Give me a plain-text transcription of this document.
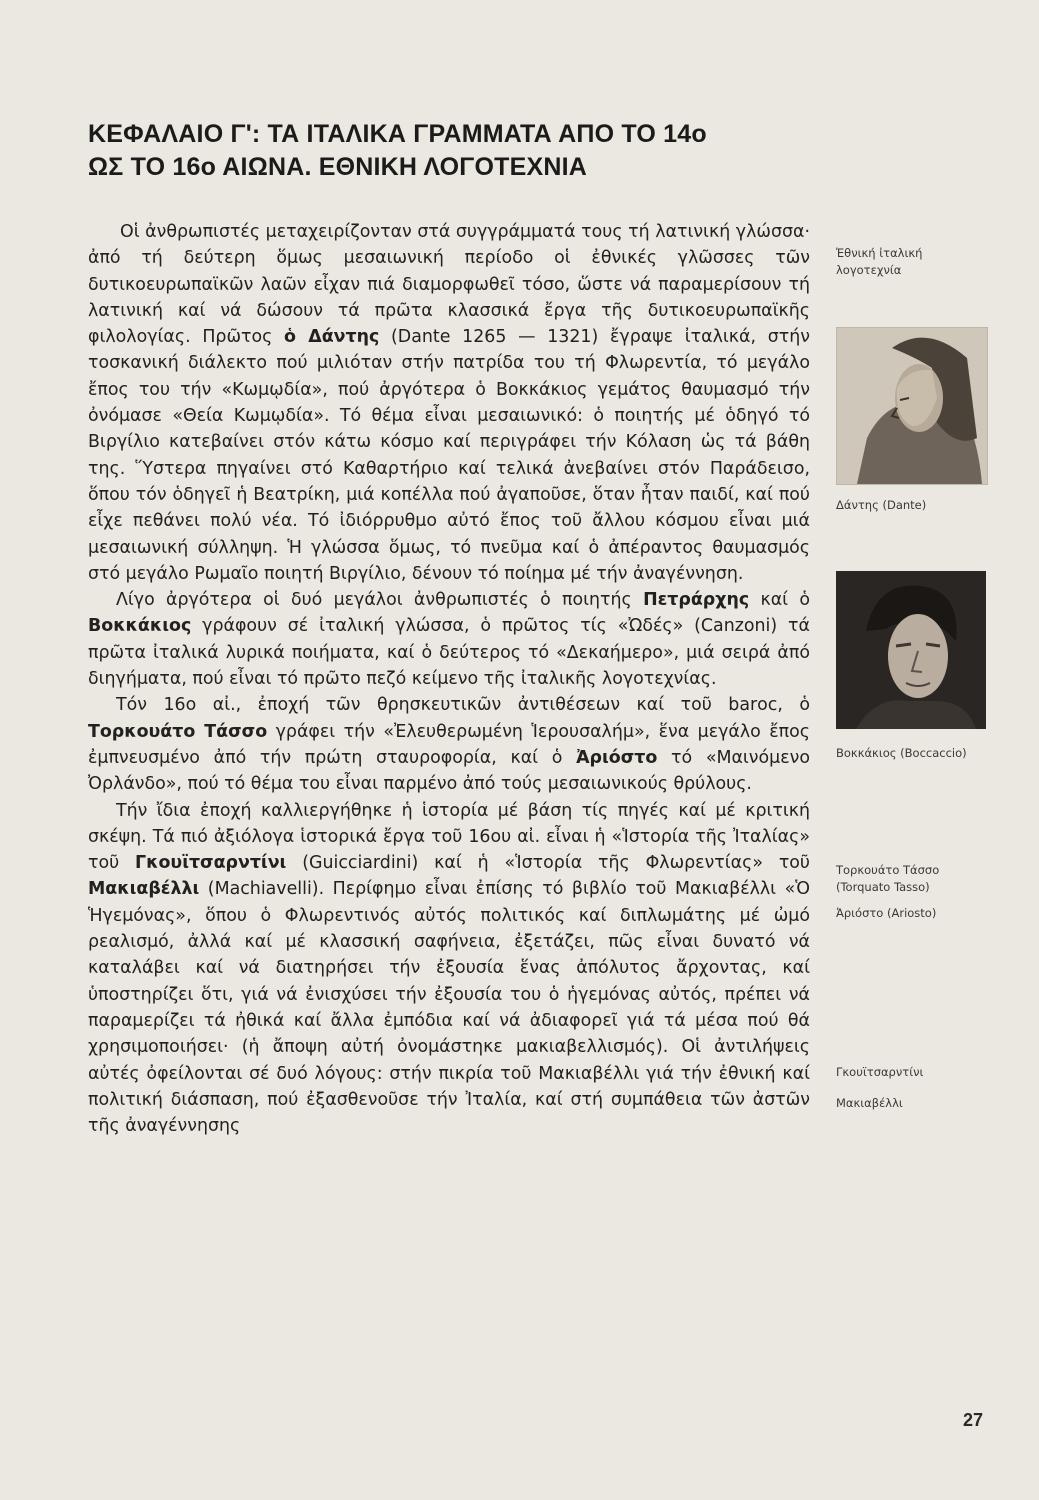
ΚΕΦΑΛΑΙΟ Γ': ΤΑ ΙΤΑΛΙΚΑ ΓΡΑΜΜΑΤΑ ΑΠΟ ΤΟ 14ο
ΩΣ ΤΟ 16ο ΑΙΩΝΑ. ΕΘΝΙΚΗ ΛΟΓΟΤΕΧΝΙΑ

Οἱ ἀνθρωπιστές μεταχειρίζονταν στά συγγράμματά τους τή λατινική γλώσσα· ἀπό τή δεύτερη ὅμως μεσαιωνική περίοδο οἱ ἐθνικές γλῶσσες τῶν δυτικοευρωπαϊκῶν λαῶν εἶχαν πιά διαμορφωθεῖ τόσο, ὥστε νά παραμερίσουν τή λατινική καί νά δώσουν τά πρῶτα κλασσικά ἔργα τῆς δυτικοευρωπαϊκῆς φιλολογίας. Πρῶτος ὁ Δάντης (Dante 1265 — 1321) ἔγραψε ἰταλικά, στήν τοσκανική διάλεκτο πού μιλιόταν στήν πατρίδα του τή Φλωρεντία, τό μεγάλο ἔπος του τήν «Κωμῳδία», πού ἀργότερα ὁ Βοκκάκιος γεμάτος θαυμασμό τήν ὀνόμασε «Θεία Κωμῳδία». Τό θέμα εἶναι μεσαιωνικό: ὁ ποιητής μέ ὁδηγό τό Βιργίλιο κατεβαίνει στόν κάτω κόσμο καί περιγράφει τήν Κόλαση ὡς τά βάθη της. Ὕστερα πηγαίνει στό Καθαρτήριο καί τελικά ἀνεβαίνει στόν Παράδεισο, ὅπου τόν ὁδηγεῖ ἡ Βεατρίκη, μιά κοπέλλα πού ἀγαποῦσε, ὅταν ἦταν παιδί, καί πού εἶχε πεθάνει πολύ νέα. Τό ἰδιόρρυθμο αὐτό ἔπος τοῦ ἄλλου κόσμου εἶναι μιά μεσαιωνική σύλληψη. Ἡ γλώσσα ὅμως, τό πνεῦμα καί ὁ ἀπέραντος θαυμασμός στό μεγάλο Ρωμαῖο ποιητή Βιργίλιο, δένουν τό ποίημα μέ τήν ἀναγέννηση.

Λίγο ἀργότερα οἱ δυό μεγάλοι ἀνθρωπιστές ὁ ποιητής Πετράρχης καί ὁ Βοκκάκιος γράφουν σέ ἰταλική γλώσσα, ὁ πρῶτος τίς «Ὠδές» (Canzoni) τά πρῶτα ἰταλικά λυρικά ποιήματα, καί ὁ δεύτερος τό «Δεκαήμερο», μιά σειρά ἀπό διηγήματα, πού εἶναι τό πρῶτο πεζό κείμενο τῆς ἰταλικῆς λογοτεχνίας.

Τόν 16ο αἰ., ἐποχή τῶν θρησκευτικῶν ἀντιθέσεων καί τοῦ barοc, ὁ Τορκουάτο Τάσσο γράφει τήν «Ἐλευθερωμένη Ἱερουσαλήμ», ἕνα μεγάλο ἔπος ἐμπνευσμένο ἀπό τήν πρώτη σταυροφορία, καί ὁ Ἀριόστο τό «Μαινόμενο Ὀρλάνδο», πού τό θέμα του εἶναι παρμένο ἀπό τούς μεσαιωνικούς θρύλους.

Τήν ἴδια ἐποχή καλλιεργήθηκε ἡ ἱστορία μέ βάση τίς πηγές καί μέ κριτική σκέψη. Τά πιό ἀξιόλογα ἱστορικά ἔργα τοῦ 16ου αἰ. εἶναι ἡ «Ἱστορία τῆς Ἰταλίας» τοῦ Γκουϊτσαρντίνι (Guicciardini) καί ἡ «Ἱστορία τῆς Φλωρεντίας» τοῦ Μακιαβέλλι (Machiavelli). Περίφημο εἶναι ἐπίσης τό βιβλίο τοῦ Μακιαβέλλι «Ὁ Ἡγεμόνας», ὅπου ὁ Φλωρεντινός αὐτός πολιτικός καί διπλωμάτης μέ ὠμό ρεαλισμό, ἀλλά καί μέ κλασσική σαφήνεια, ἐξετάζει, πῶς εἶναι δυνατό νά καταλάβει καί νά διατηρήσει τήν ἐξουσία ἕνας ἀπόλυτος ἄρχοντας, καί ὑποστηρίζει ὅτι, γιά νά ἐνισχύσει τήν ἐξουσία του ὁ ἡγεμόνας αὐτός, πρέπει νά παραμερίζει τά ἠθικά καί ἄλλα ἐμπόδια καί νά ἀδιαφορεῖ γιά τά μέσα πού θά χρησιμοποιήσει· (ἡ ἄποψη αὐτή ὀνομάστηκε μακιαβελλισμός). Οἱ ἀντιλήψεις αὐτές ὀφείλονται σέ δυό λόγους: στήν πικρία τοῦ Μακιαβέλλι γιά τήν ἐθνική καί πολιτική διάσπαση, πού ἐξασθενοῦσε τήν Ἰταλία, καί στή συμπάθεια τῶν ἀστῶν τῆς ἀναγέννησης

Ἐθνική ἰταλική
λογοτεχνία
Δάντης (Dante)
Βοκκάκιος (Boccaccio)
Τορκουάτο Τάσσο
(Torquato Tasso)
Ἀριόστο (Ariosto)
Γκουϊτσαρντίνι
Μακιαβέλλι
27
